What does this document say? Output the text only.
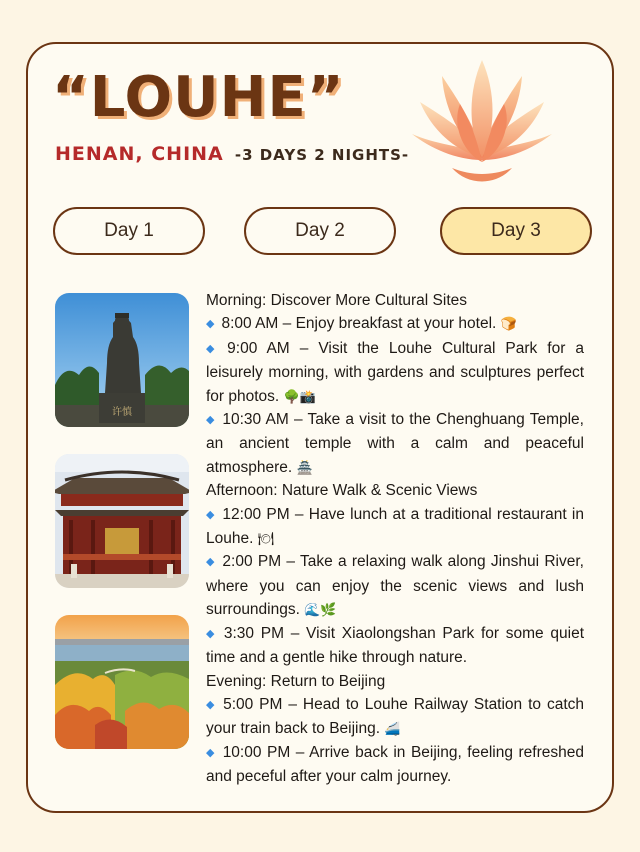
“LOUHE”
HENAN, CHINA -3 DAYS 2 NIGHTS-
Day 1	Day 2	Day 3
许慎
Morning: Discover More Cultural Sites
◆ 8:00 AM – Enjoy breakfast at your hotel. 🍞
◆ 9:00 AM – Visit the Louhe Cultural Park for a leisurely morning, with gardens and sculptures perfect for photos. 🌳📸
◆ 10:30 AM – Take a visit to the Chenghuang Temple, an ancient temple with a calm and peaceful atmosphere. 🏯
Afternoon: Nature Walk & Scenic Views
◆ 12:00 PM – Have lunch at a traditional restaurant in Louhe. 🍽
◆ 2:00 PM – Take a relaxing walk along Jinshui River, where you can enjoy the scenic views and lush surroundings. 🌊🌿
◆ 3:30 PM – Visit Xiaolongshan Park for some quiet time and a gentle hike through nature.
Evening: Return to Beijing
◆ 5:00 PM – Head to Louhe Railway Station to catch your train back to Beijing. 🚄
◆ 10:00 PM – Arrive back in Beijing, feeling refreshed and peceful after your calm journey.
